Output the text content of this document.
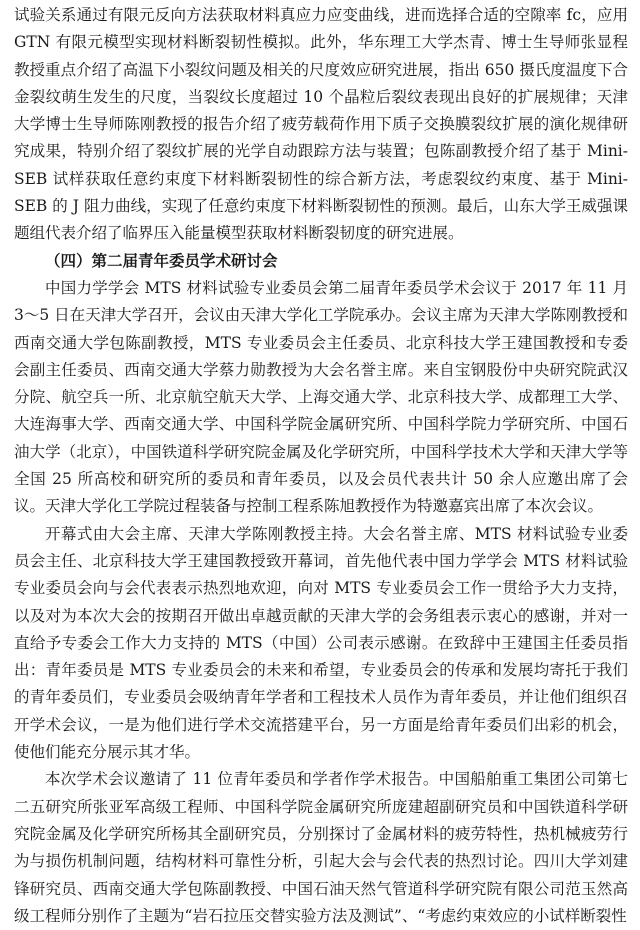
试验关系通过有限元反向方法获取材料真应力应变曲线，进而选择合适的空隙率 fc，应用 GTN 有限元模型实现材料断裂韧性模拟。此外，华东理工大学杰青、博士生导师张显程教授重点介绍了高温下小裂纹问题及相关的尺度效应研究进展，指出 650 摄氏度温度下合金裂纹萌生发生的尺度，当裂纹长度超过 10 个晶粒后裂纹表现出良好的扩展规律；天津大学博士生导师陈刚教授的报告介绍了疲劳载荷作用下质子交换膜裂纹扩展的演化规律研究成果，特别介绍了裂纹扩展的光学自动跟踪方法与装置；包陈副教授介绍了基于 Mini-SEB 试样获取任意约束度下材料断裂韧性的综合新方法，考虑裂纹约束度、基于 Mini-SEB 的 J 阻力曲线，实现了任意约束度下材料断裂韧性的预测。最后，山东大学王威强课题组代表介绍了临界压入能量模型获取材料断裂韧度的研究进展。

（四）第二届青年委员学术研讨会

中国力学学会 MTS 材料试验专业委员会第二届青年委员学术会议于 2017 年 11 月 3～5 日在天津大学召开，会议由天津大学化工学院承办。会议主席为天津大学陈刚教授和西南交通大学包陈副教授，MTS 专业委员会主任委员、北京科技大学王建国教授和专委会副主任委员、西南交通大学蔡力勋教授为大会名誉主席。来自宝钢股份中央研究院武汉分院、航空兵一所、北京航空航天大学、上海交通大学、北京科技大学、成都理工大学、大连海事大学、西南交通大学、中国科学院金属研究所、中国科学院力学研究所、中国石油大学（北京），中国铁道科学研究院金属及化学研究所，中国科学技术大学和天津大学等全国 25 所高校和研究所的委员和青年委员，以及会员代表共计 50 余人应邀出席了会议。天津大学化工学院过程装备与控制工程系陈旭教授作为特邀嘉宾出席了本次会议。

开幕式由大会主席、天津大学陈刚教授主持。大会名誉主席、MTS 材料试验专业委员会主任、北京科技大学王建国教授致开幕词，首先他代表中国力学学会 MTS 材料试验专业委员会向与会代表表示热烈地欢迎，向对 MTS 专业委员会工作一贯给予大力支持，以及对为本次大会的按期召开做出卓越贡献的天津大学的会务组表示衷心的感谢，并对一直给予专委会工作大力支持的 MTS（中国）公司表示感谢。在致辞中王建国主任委员指出：青年委员是 MTS 专业委员会的未来和希望，专业委员会的传承和发展均寄托于我们的青年委员们，专业委员会吸纳青年学者和工程技术人员作为青年委员，并让他们组织召开学术会议，一是为他们进行学术交流搭建平台，另一方面是给青年委员们出彩的机会，使他们能充分展示其才华。

本次学术会议邀请了 11 位青年委员和学者作学术报告。中国船舶重工集团公司第七二五研究所张亚军高级工程师、中国科学院金属研究所庞建超副研究员和中国铁道科学研究院金属及化学研究所杨其全副研究员，分别探讨了金属材料的疲劳特性，热机械疲劳行为与损伤机制问题，结构材料可靠性分析，引起大会与会代表的热烈讨论。四川大学刘建锋研究员、西南交通大学包陈副教授、中国石油天然气管道科学研究院有限公司范玉然高级工程师分别作了主题为“岩石拉压交替实验方法及测试”、“考虑约束效应的小试样断裂性
